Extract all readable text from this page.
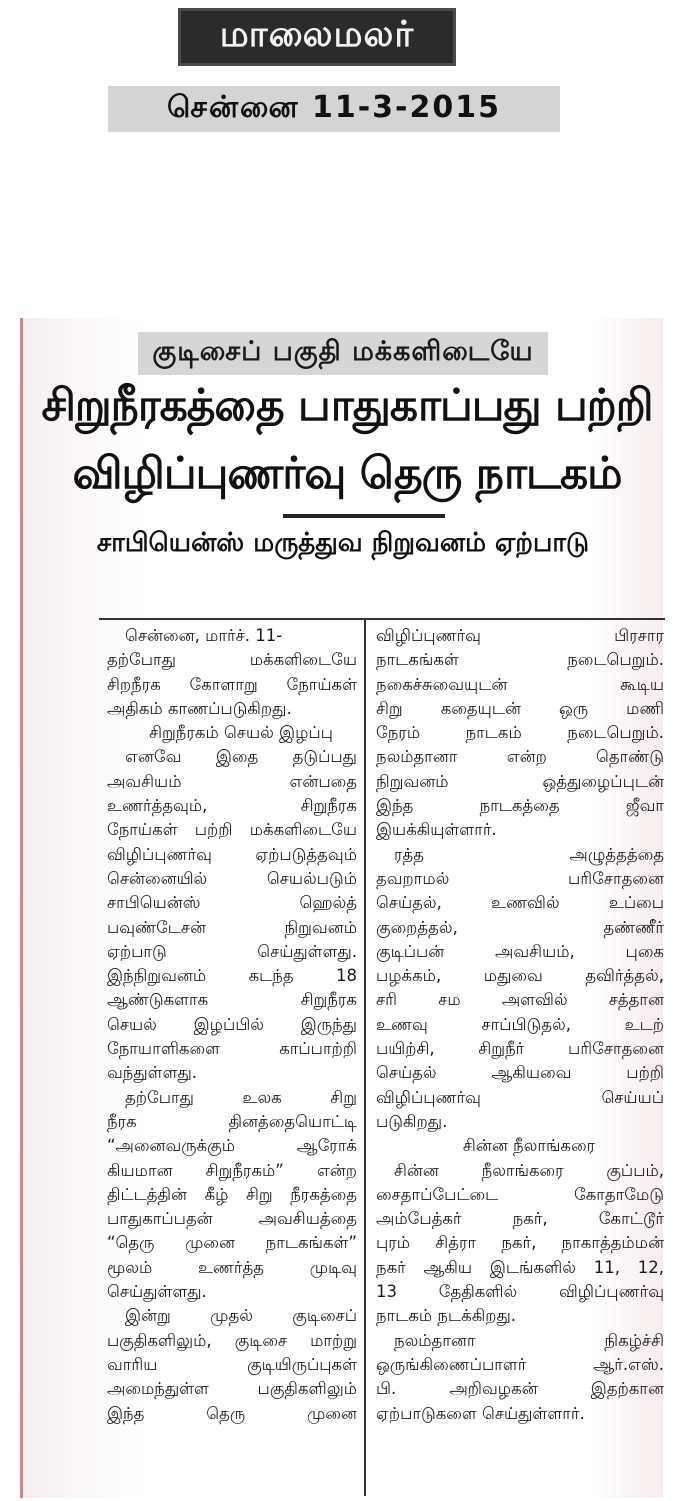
மாலைமலர்
சென்னை 11-3-2015
குடிசைப் பகுதி மக்களிடையே
சிறுநீரகத்தை பாதுகாப்பது பற்றி
விழிப்புணர்வு தெரு நாடகம்
சாபியென்ஸ் மருத்துவ நிறுவனம் ஏற்பாடு
சென்னை, மார்ச். 11-
தற்போது மக்களிடையே
சிறநீரக கோளாறு நோய்கள்
அதிகம் காணப்படுகிறது.
சிறுநீரகம் செயல் இழப்பு
எனவே இதை தடுப்பது
அவசியம் என்பதை
உணர்த்தவும், சிறுநீரக
நோய்கள் பற்றி மக்களிடையே
விழிப்புணர்வு ஏற்படுத்தவும்
சென்னையில் செயல்படும்
சாபியென்ஸ் ஹெல்த்
பவுண்டேசன் நிறுவனம்
ஏற்பாடு செய்துள்ளது.
இந்நிறுவனம் கடந்த 18
ஆண்டுகளாக சிறுநீரக
செயல் இழப்பில் இருந்து
நோயாளிகளை காப்பாற்றி
வந்துள்ளது.
தற்போது உலக சிறு
நீரக தினத்தையொட்டி
“அனைவருக்கும் ஆரோக்
கியமான சிறுநீரகம்” என்ற
திட்டத்தின் கீழ் சிறு நீரகத்தை
பாதுகாப்பதன் அவசியத்தை
“தெரு முனை நாடகங்கள்”
மூலம் உணர்த்த முடிவு
செய்துள்ளது.
இன்று முதல் குடிசைப்
பகுதிகளிலும், குடிசை மாற்று
வாரிய குடியிருப்புகள்
அமைந்துள்ள பகுதிகளிலும்
இந்த தெரு முனை
விழிப்புணர்வு பிரசார
நாடகங்கள் நடைபெறும்.
நகைச்சுவையுடன் கூடிய
சிறு கதையுடன் ஒரு மணி
நேரம் நாடகம் நடைபெறும்.
நலம்தானா என்ற தொண்டு
நிறுவனம் ஒத்துழைப்புடன்
இந்த நாடகத்தை ஜீவா
இயக்கியுள்ளார்.
ரத்த அழுத்தத்தை
தவறாமல் பரிசோதனை
செய்தல், உணவில் உப்பை
குறைத்தல், தண்ணீர்
குடிப்பன் அவசியம், புகை
பழக்கம், மதுவை தவிர்த்தல்,
சரி சம அளவில் சத்தான
உணவு சாப்பிடுதல், உடற்
பயிற்சி, சிறுநீர் பரிசோதனை
செய்தல் ஆகியவை பற்றி
விழிப்புணர்வு செய்யப்
படுகிறது.
சின்ன நீலாங்கரை
சின்ன நீலாங்கரை குப்பம்,
சைதாப்பேட்டை கோதாமேடு
அம்பேத்கர் நகர், கோட்டூர்
புரம் சித்ரா நகர், நாகாத்தம்மன்
நகர் ஆகிய இடங்களில் 11, 12,
13 தேதிகளில் விழிப்புணர்வு
நாடகம் நடக்கிறது.
நலம்தானா நிகழ்ச்சி
ஒருங்கிணைப்பாளர் ஆர்.எஸ்.
பி. அறிவழகன் இதற்கான
ஏற்பாடுகளை செய்துள்ளார்.
